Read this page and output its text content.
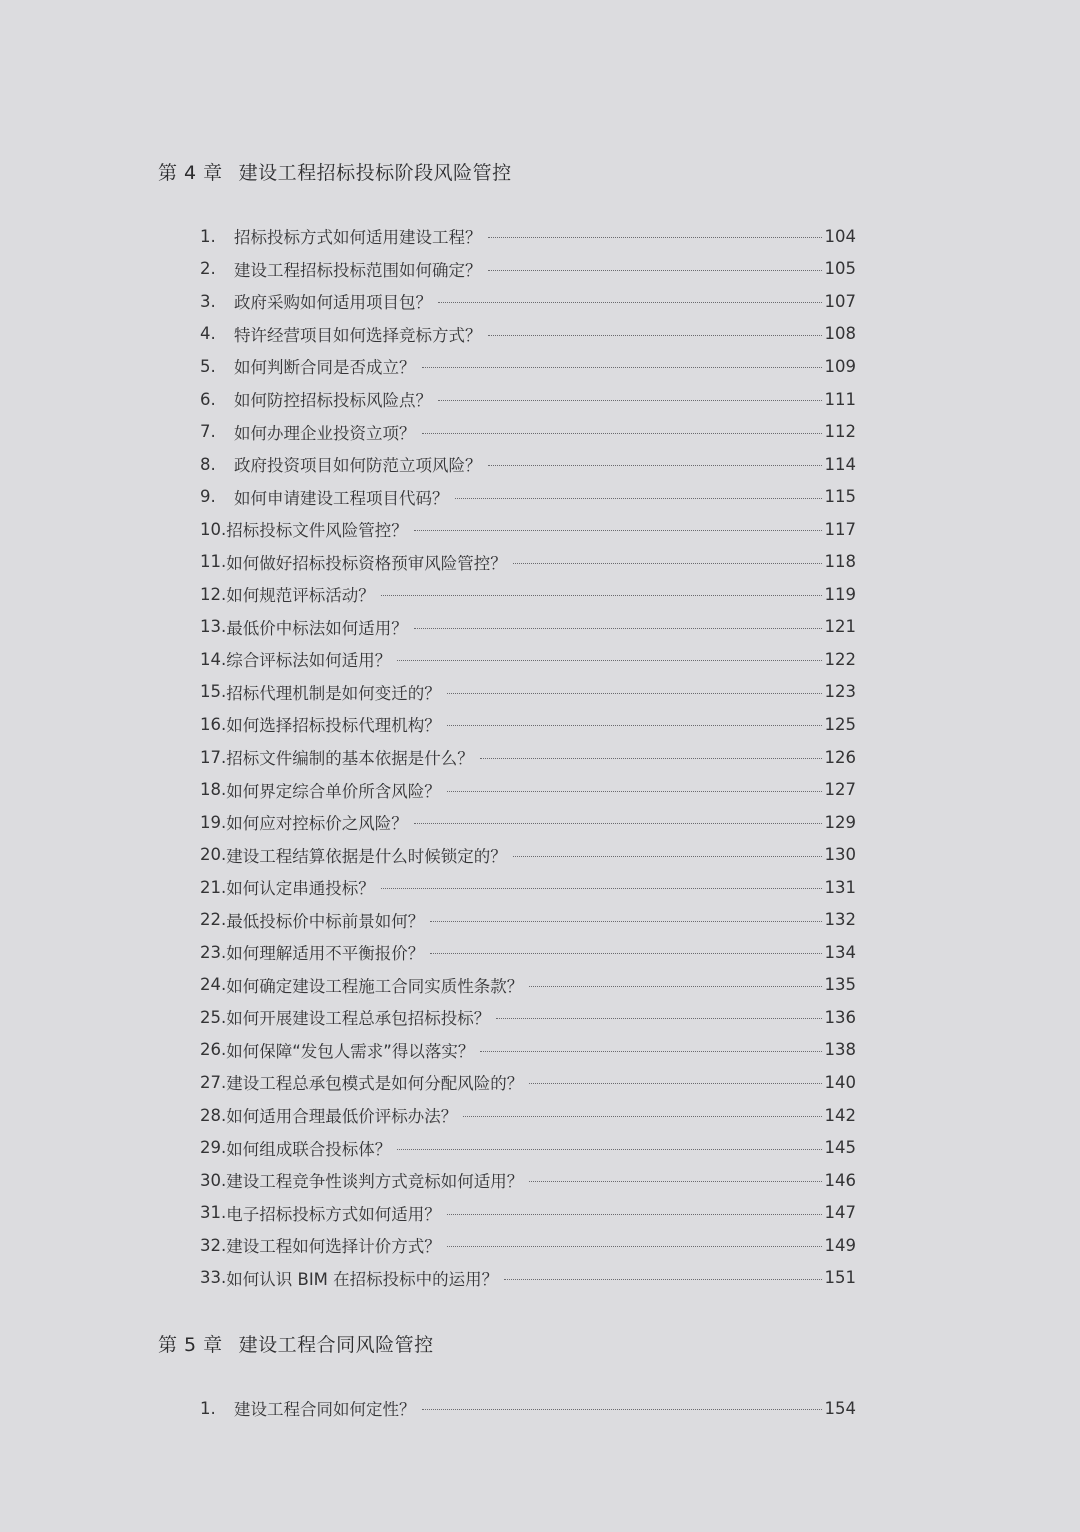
第 4 章 建设工程招标投标阶段风险管控
1.	招标投标方式如何适用建设工程？	104
2.	建设工程招标投标范围如何确定？	105
3.	政府采购如何适用项目包？	107
4.	特许经营项目如何选择竞标方式？	108
5.	如何判断合同是否成立？	109
6.	如何防控招标投标风险点？	111
7.	如何办理企业投资立项？	112
8.	政府投资项目如何防范立项风险？	114
9.	如何申请建设工程项目代码？	115
10. 招标投标文件风险管控？	117
11. 如何做好招标投标资格预审风险管控？	118
12. 如何规范评标活动？	119
13. 最低价中标法如何适用？	121
14. 综合评标法如何适用？	122
15. 招标代理机制是如何变迁的？	123
16. 如何选择招标投标代理机构？	125
17. 招标文件编制的基本依据是什么？	126
18. 如何界定综合单价所含风险？	127
19. 如何应对控标价之风险？	129
20. 建设工程结算依据是什么时候锁定的？	130
21. 如何认定串通投标？	131
22. 最低投标价中标前景如何？	132
23. 如何理解适用不平衡报价？	134
24. 如何确定建设工程施工合同实质性条款？	135
25. 如何开展建设工程总承包招标投标？	136
26. 如何保障“发包人需求”得以落实？	138
27. 建设工程总承包模式是如何分配风险的？	140
28. 如何适用合理最低价评标办法？	142
29. 如何组成联合投标体？	145
30. 建设工程竞争性谈判方式竞标如何适用？	146
31. 电子招标投标方式如何适用？	147
32. 建设工程如何选择计价方式？	149
33. 如何认识 BIM 在招标投标中的运用？	151
第 5 章 建设工程合同风险管控
1.	建设工程合同如何定性？	154
